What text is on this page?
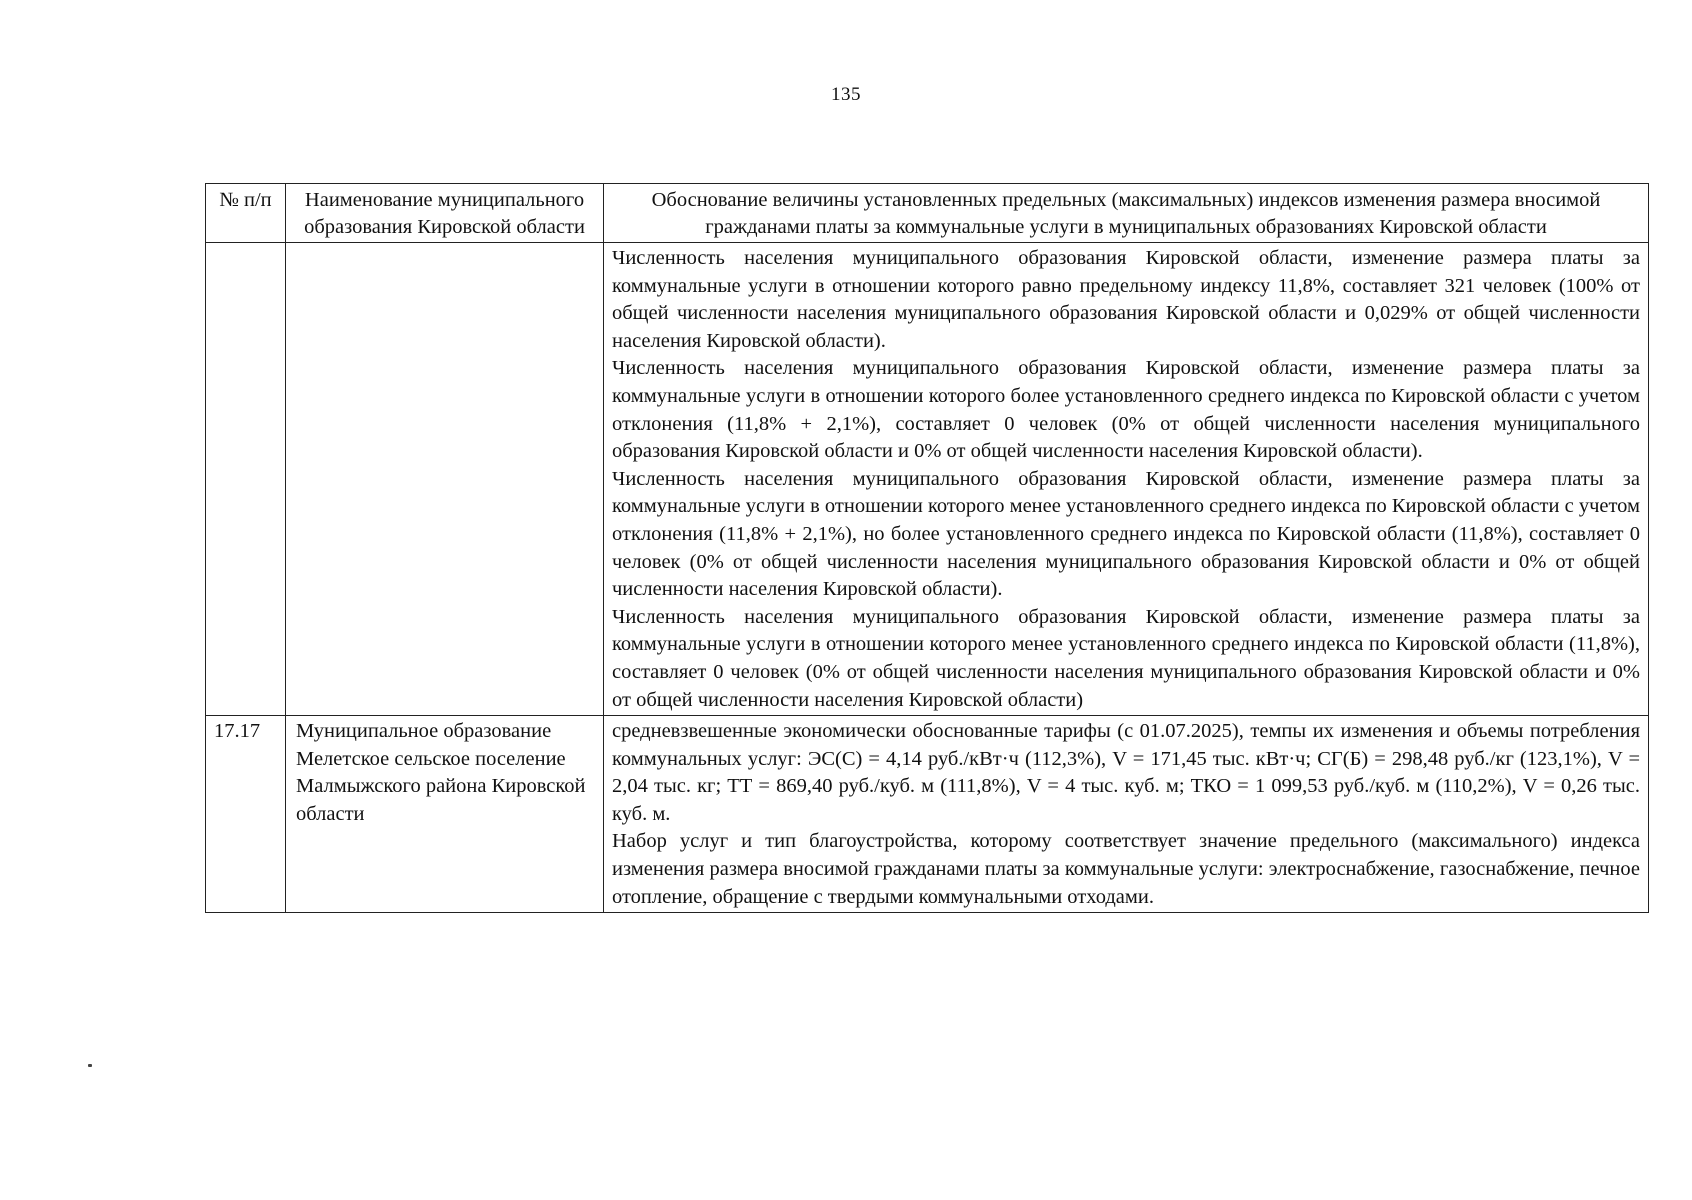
135
№ п/п	Наименование муниципального образования Кировской области	Обоснование величины установленных предельных (максимальных) индексов изменения размера вносимой гражданами платы за коммунальные услуги в муниципальных образованиях Кировской области

		Численность населения муниципального образования Кировской области, изменение размера платы за коммунальные услуги в отношении которого равно предельному индексу 11,8%, составляет 321 человек (100% от общей численности населения муниципального образования Кировской области и 0,029% от общей численности населения Кировской области).

Численность населения муниципального образования Кировской области, изменение размера платы за коммунальные услуги в отношении которого более установленного среднего индекса по Кировской области с учетом отклонения (11,8% + 2,1%), составляет 0 человек (0% от общей численности населения муниципального образования Кировской области и 0% от общей численности населения Кировской области).

Численность населения муниципального образования Кировской области, изменение размера платы за коммунальные услуги в отношении которого менее установленного среднего индекса по Кировской области с учетом отклонения (11,8% + 2,1%), но более установленного среднего индекса по Кировской области (11,8%), составляет 0 человек (0% от общей численности населения муниципального образования Кировской области и 0% от общей численности населения Кировской области).

Численность населения муниципального образования Кировской области, изменение размера платы за коммунальные услуги в отношении которого менее установленного среднего индекса по Кировской области (11,8%), составляет 0 человек (0% от общей численности населения муниципального образования Кировской области и 0% от общей численности населения Кировской области)

17.17	Муниципальное образование Мелетское сельское поселение Малмыжского района Кировской области	средневзвешенные экономически обоснованные тарифы (с 01.07.2025), темпы их изменения и объемы потребления коммунальных услуг: ЭС(С) = 4,14 руб./кВт·ч (112,3%), V = 171,45 тыс. кВт·ч; СГ(Б) = 298,48 руб./кг (123,1%), V = 2,04 тыс. кг; ТТ = 869,40 руб./куб. м (111,8%), V = 4 тыс. куб. м; ТКО = 1 099,53 руб./куб. м (110,2%), V = 0,26 тыс. куб. м.

Набор услуг и тип благоустройства, которому соответствует значение предельного (максимального) индекса изменения размера вносимой гражданами платы за коммунальные услуги: электроснабжение, газоснабжение, печное отопление, обращение с твердыми коммунальными отходами.
